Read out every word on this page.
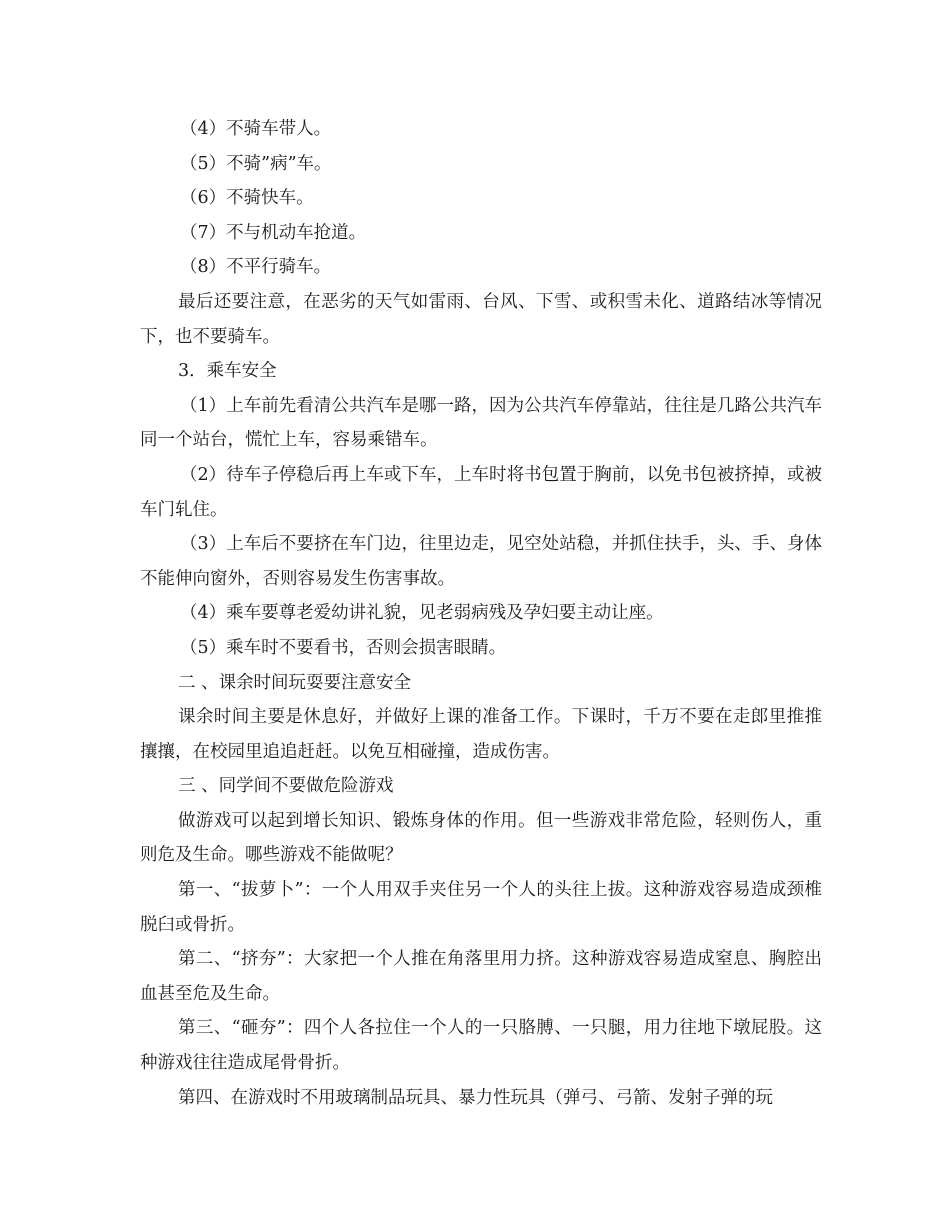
（4）不骑车带人。

（5）不骑”病”车。

（6）不骑快车。

（7）不与机动车抢道。

（8）不平行骑车。

最后还要注意，在恶劣的天气如雷雨、台风、下雪、或积雪未化、道路结冰等情况下，也不要骑车。

3．乘车安全

（1）上车前先看清公共汽车是哪一路，因为公共汽车停靠站，往往是几路公共汽车同一个站台，慌忙上车，容易乘错车。

（2）待车子停稳后再上车或下车，上车时将书包置于胸前，以免书包被挤掉，或被车门轧住。

（3）上车后不要挤在车门边，往里边走，见空处站稳，并抓住扶手，头、手、身体不能伸向窗外，否则容易发生伤害事故。

（4）乘车要尊老爱幼讲礼貌，见老弱病残及孕妇要主动让座。

（5）乘车时不要看书，否则会损害眼睛。

二 、课余时间玩耍要注意安全

课余时间主要是休息好，并做好上课的准备工作。下课时，千万不要在走郎里推推攘攘，在校园里追追赶赶。以免互相碰撞，造成伤害。

三 、同学间不要做危险游戏

做游戏可以起到增长知识、锻炼身体的作用。但一些游戏非常危险，轻则伤人，重则危及生命。哪些游戏不能做呢？

第一、“拔萝卜”：一个人用双手夹住另一个人的头往上拔。这种游戏容易造成颈椎脱臼或骨折。

第二、“挤夯”：大家把一个人推在角落里用力挤。这种游戏容易造成窒息、胸腔出血甚至危及生命。

第三、“砸夯”：四个人各拉住一个人的一只胳膊、一只腿，用力往地下墩屁股。这种游戏往往造成尾骨骨折。

第四、在游戏时不用玻璃制品玩具、暴力性玩具（弹弓、弓箭、发射子弹的玩
